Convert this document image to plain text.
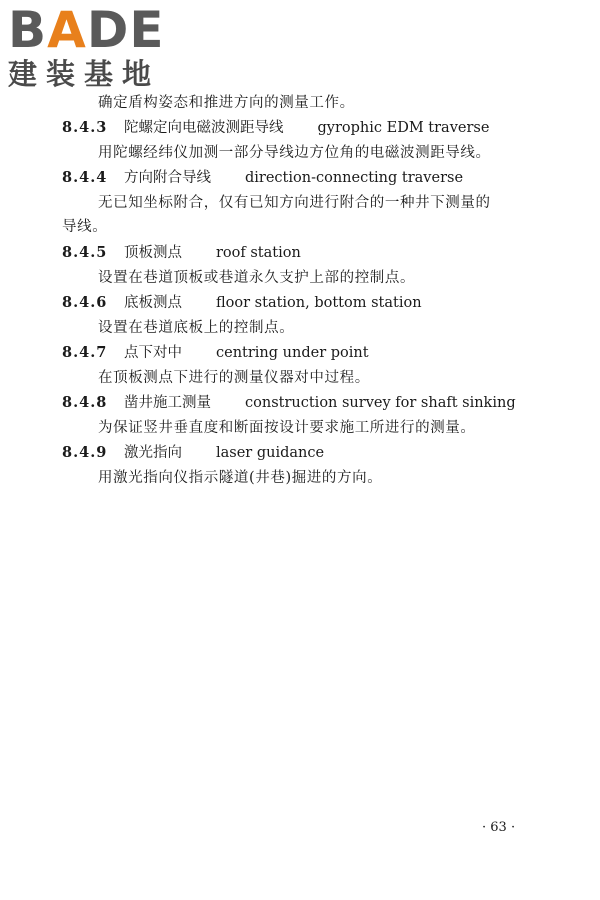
BADE
建装基地
确定盾构姿态和推进方向的测量工作。
8.4.3 陀螺定向电磁波测距导线 gyrophic EDM traverse
用陀螺经纬仪加测一部分导线边方位角的电磁波测距导线。
8.4.4 方向附合导线 direction-connecting traverse
无已知坐标附合，仅有已知方向进行附合的一种井下测量的
导线。
8.4.5 顶板测点 roof station
设置在巷道顶板或巷道永久支护上部的控制点。
8.4.6 底板测点 floor station, bottom station
设置在巷道底板上的控制点。
8.4.7 点下对中 centring under point
在顶板测点下进行的测量仪器对中过程。
8.4.8 凿井施工测量 construction survey for shaft sinking
为保证竖井垂直度和断面按设计要求施工所进行的测量。
8.4.9 激光指向 laser guidance
用激光指向仪指示隧道(井巷)掘进的方向。
· 63 ·
